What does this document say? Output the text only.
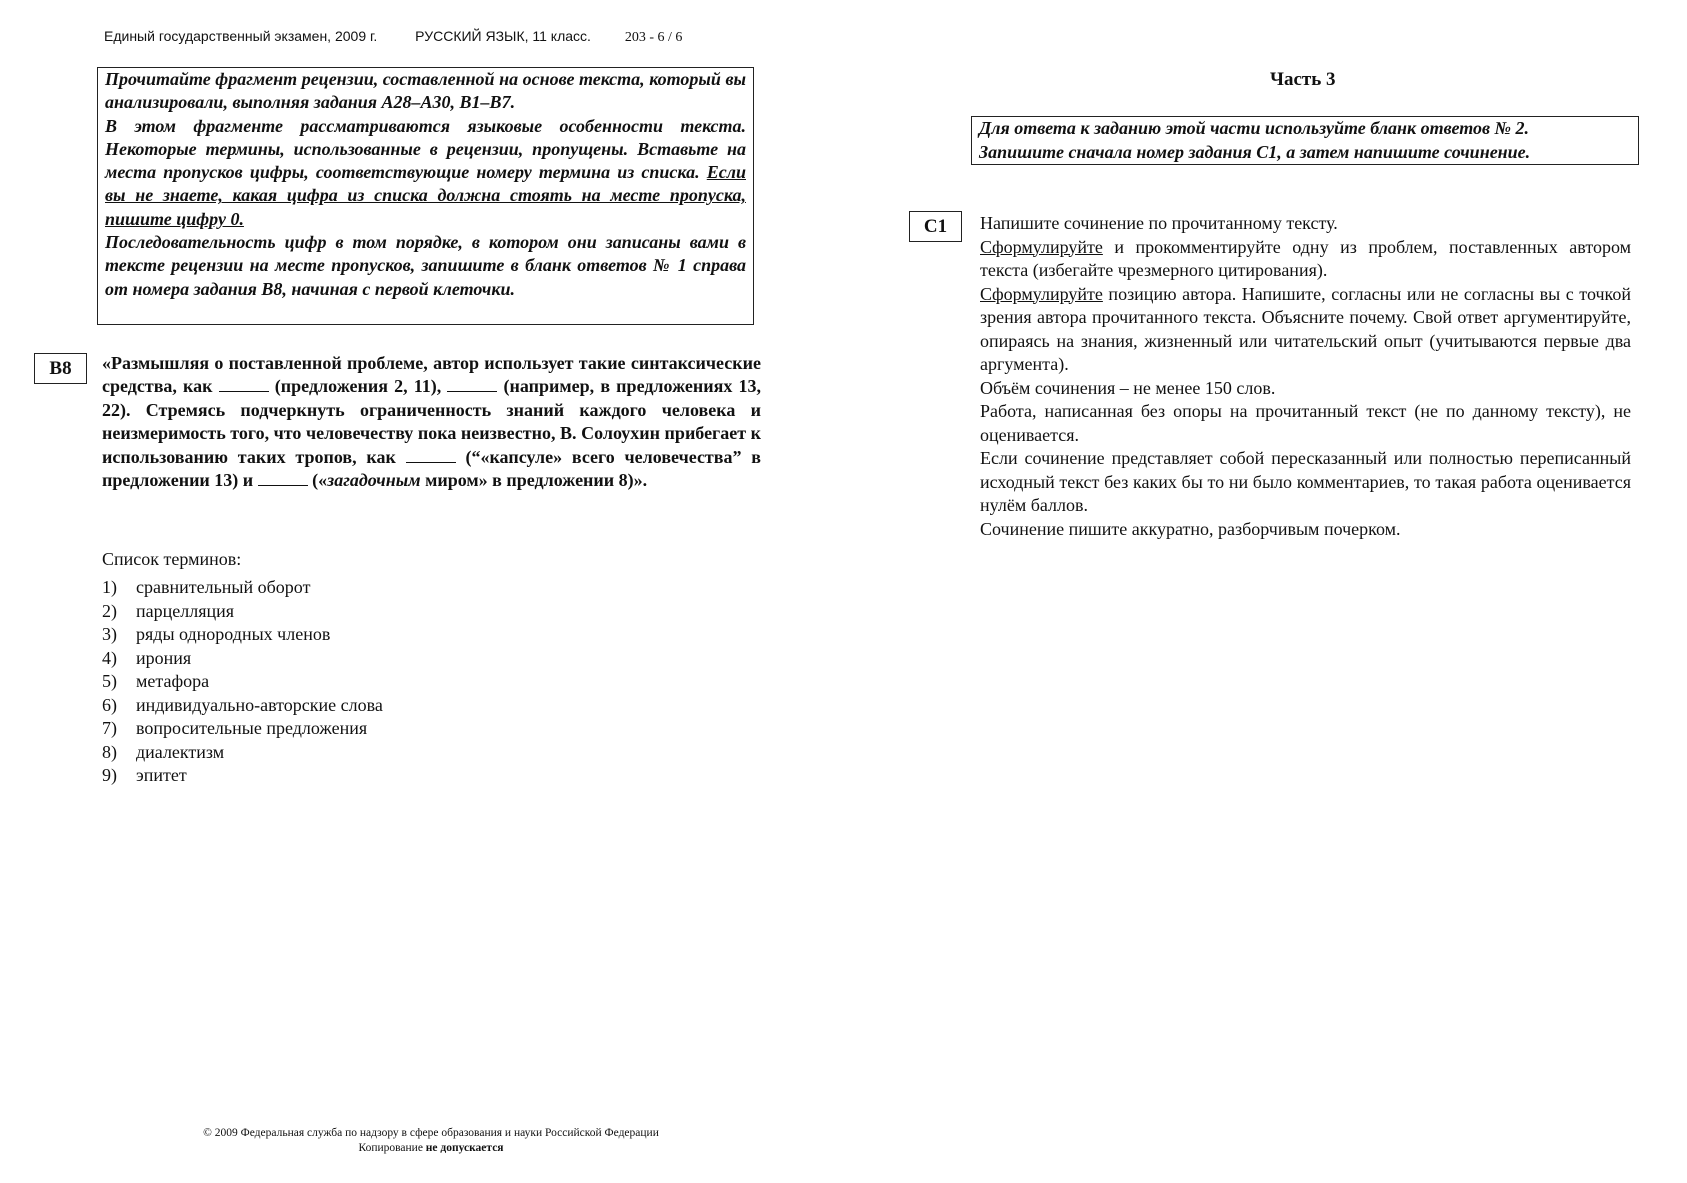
Единый государственный экзамен, 2009 г.	РУССКИЙ ЯЗЫК, 11 класс. 203 - 6 / 6

Прочитайте фрагмент рецензии, составленной на основе текста, который вы анализировали, выполняя задания А28–А30, В1–В7.

В этом фрагменте рассматриваются языковые особенности текста. Некоторые термины, использованные в рецензии, пропущены. Вставьте на места пропусков цифры, соответствующие номеру термина из списка. Если вы не знаете, какая цифра из списка должна стоять на месте пропуска, пишите цифру 0.

Последовательность цифр в том порядке, в котором они записаны вами в тексте рецензии на месте пропусков, запишите в бланк ответов № 1 справа от номера задания В8, начиная с первой клеточки.

В8	«Размышляя о поставленной проблеме, автор использует такие синтаксические средства, как	(предложения 2, 11),	(например, в предложениях 13, 22). Стремясь подчеркнуть ограниченность знаний каждого человека и неизмеримость того, что человечеству пока неизвестно, В. Солоухин прибегает к использованию таких тропов, как	(“«капсуле» всего человечества” в предложении 13) и	(«загадочным миром» в предложении 8)».

Список терминов:
1)	сравнительный оборот
2)	парцелляция
3)	ряды однородных членов
4)	ирония
5)	метафора
6)	индивидуально-авторские слова
7)	вопросительные предложения
8)	диалектизм
9)	эпитет
Часть 3

Для ответа к заданию этой части используйте бланк ответов № 2.

Запишите сначала номер задания С1, а затем напишите сочинение.

С1	Напишите сочинение по прочитанному тексту.

Сформулируйте и прокомментируйте одну из проблем, поставленных автором текста (избегайте чрезмерного цитирования).

Сформулируйте позицию автора. Напишите, согласны или не согласны вы с точкой зрения автора прочитанного текста. Объясните почему. Свой ответ аргументируйте, опираясь на знания, жизненный или читательский опыт (учитываются первые два аргумента).

Объём сочинения – не менее 150 слов.

Работа, написанная без опоры на прочитанный текст (не по данному тексту), не оценивается.

Если сочинение представляет собой пересказанный или полностью переписанный исходный текст без каких бы то ни было комментариев, то такая работа оценивается нулём баллов.

Сочинение пишите аккуратно, разборчивым почерком.

© 2009 Федеральная служба по надзору в сфере образования и науки Российской Федерации
Копирование не допускается
